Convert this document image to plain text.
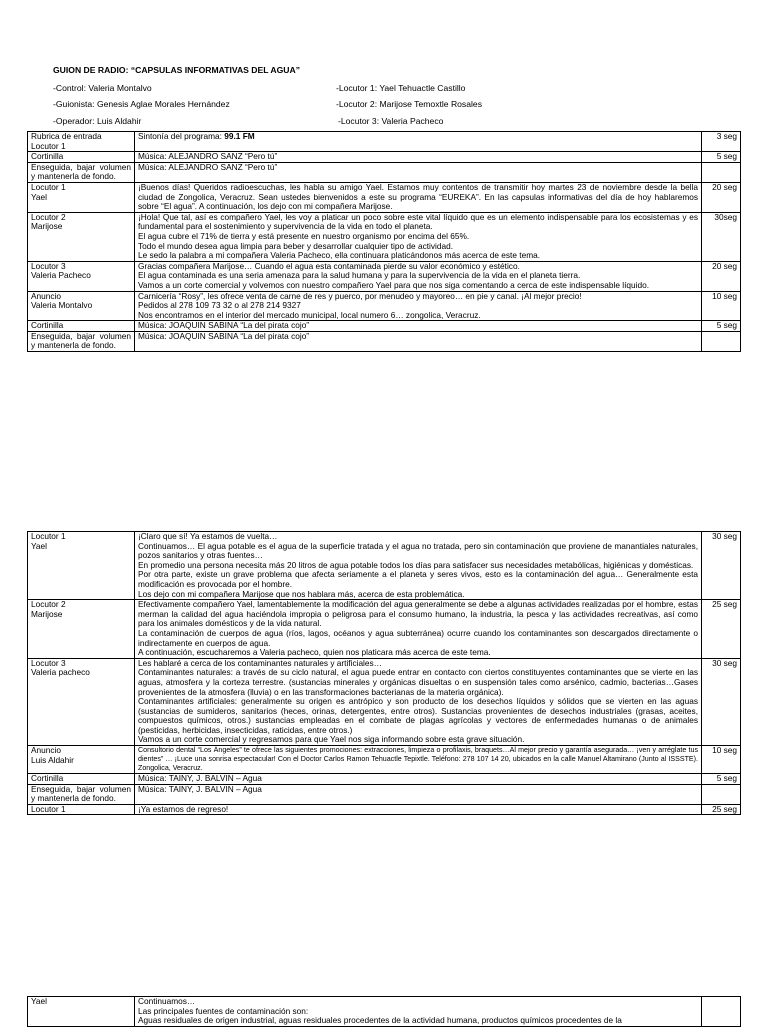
GUION DE RADIO: “CAPSULAS INFORMATIVAS DEL AGUA”
-Control: Valeria Montalvo
-Guionista: Genesis Aglae Morales Hernández
-Operador: Luis Aldahir
-Locutor 1: Yael Tehuactle Castillo
-Locutor 2: Marijose Temoxtle Rosales
-Locutor 3: Valeria Pacheco
Rubrica de entrada
Locutor 1	Sintonía del programa: 99.1 FM	3 seg

Cortinilla	Música: ALEJANDRO SANZ “Pero tú”	5 seg

Enseguida, bajar volumen y mantenerla de fondo.	Música: ALEJANDRO SANZ “Pero tú”	

Locutor 1
Yael	¡Buenos días! Queridos radioescuchas, les habla su amigo Yael. Estamos muy contentos de transmitir hoy martes 23 de noviembre desde la bella ciudad de Zongolica, Veracruz. Sean ustedes bienvenidos a este su programa “EUREKA”. En las capsulas informativas del día de hoy hablaremos sobre “El agua”. A continuación, los dejo con mi compañera Marijose.	20 seg

Locutor 2
Marijose	¡Hola! Que tal, así es compañero Yael, les voy a platicar un poco sobre este vital líquido que es un elemento indispensable para los ecosistemas y es fundamental para el sostenimiento y supervivencia de la vida en todo el planeta.
El agua cubre el 71% de tierra y está presente en nuestro organismo por encima del 65%.
Todo el mundo desea agua limpia para beber y desarrollar cualquier tipo de actividad.
Le sedo la palabra a mi compañera Valeria Pacheco, ella continuara platicándonos más acerca de este tema.	30seg

Locutor 3
Valeria Pacheco	Gracias compañera Marijose… Cuando el agua esta contaminada pierde su valor económico y estético.
El agua contaminada es una seria amenaza para la salud humana y para la supervivencia de la vida en el planeta tierra.
Vamos a un corte comercial y volvemos con nuestro compañero Yael para que nos siga comentando a cerca de este indispensable líquido.	20 seg

Anuncio
Valeria Montalvo	Carnicería “Rosy”, les ofrece venta de carne de res y puerco, por menudeo y mayoreo… en pie y canal. ¡Al mejor precio!
Pedidos al 278 109 73 32 o al 278 214 9327
Nos encontramos en el interior del mercado municipal, local numero 6… zongolica, Veracruz.	10 seg

Cortinilla	Música: JOAQUIN SABINA “La del pirata cojo”	5 seg

Enseguida, bajar volumen y mantenerla de fondo.	Música: JOAQUIN SABINA “La del pirata cojo”	

Locutor 1
Yael	¡Claro que sí! Ya estamos de vuelta…
Continuamos… El agua potable es el agua de la superficie tratada y el agua no tratada, pero sin contaminación que proviene de manantiales naturales, pozos sanitarios y otras fuentes…
En promedio una persona necesita más 20 litros de agua potable todos los días para satisfacer sus necesidades metabólicas, higiénicas y domésticas.
Por otra parte, existe un grave problema que afecta seriamente a el planeta y seres vivos, esto es la contaminación del agua… Generalmente esta modificación es provocada por el hombre.
Los dejo con mi compañera Marijose que nos hablara más, acerca de esta problemática.	30 seg

Locutor 2
Marijose	Efectivamente compañero Yael, lamentablemente la modificación del agua generalmente se debe a algunas actividades realizadas por el hombre, estas merman la calidad del agua haciéndola impropia o peligrosa para el consumo humano, la industria, la pesca y las actividades recreativas, así como para los animales domésticos y de la vida natural.
La contaminación de cuerpos de agua (ríos, lagos, océanos y agua subterránea) ocurre cuando los contaminantes son descargados directamente o indirectamente en cuerpos de agua.
A continuación, escucharemos a Valeria pacheco, quien nos platicara más acerca de este tema.	25 seg

Locutor 3
Valeria pacheco	Les hablaré a cerca de los contaminantes naturales y artificiales…
Contaminantes naturales: a través de su ciclo natural, el agua puede entrar en contacto con ciertos constituyentes contaminantes que se vierte en las aguas, atmosfera y la corteza terrestre. (sustancias minerales y orgánicas disueltas o en suspensión tales como arsénico, cadmio, bacterias…Gases provenientes de la atmosfera (lluvia) o en las transformaciones bacterianas de la materia orgánica).
Contaminantes artificiales: generalmente su origen es antrópico y son producto de los desechos líquidos y sólidos que se vierten en las aguas (sustancias de sumideros, sanitarios (heces, orinas, detergentes, entre otros). Sustancias provenientes de desechos industriales (grasas, aceites, compuestos químicos, otros.) sustancias empleadas en el combate de plagas agrícolas y vectores de enfermedades humanas o de animales (pesticidas, herbicidas, insecticidas, raticidas, entre otros.)
Vamos a un corte comercial y regresamos para que Yael nos siga informando sobre esta grave situación.	30 seg

Anuncio
Luis Aldahir	Consultorio dental “Los Ángeles” te ofrece las siguientes promociones: extracciones, limpieza o profilaxis, braquets…Al mejor precio y garantía asegurada… ¡ven y arréglate tus dientes” … ¡Luce una sonrisa espectacular! Con el Doctor Carlos Ramon Tehuactle Tepixtle. Teléfono: 278 107 14 20, ubicados en la calle Manuel Altamirano (Junto al ISSSTE). Zongolica, Veracruz.	10 seg

Cortinilla	Música: TAINY, J. BALVIN – Agua	5 seg

Enseguida, bajar volumen y mantenerla de fondo.	Música: TAINY, J. BALVIN – Agua	

Locutor 1	¡Ya estamos de regreso!	25 seg
Yael	Continuamos…
Las principales fuentes de contaminación son:
Aguas residuales de origen industrial, aguas residuales procedentes de la actividad humana, productos químicos procedentes de la
